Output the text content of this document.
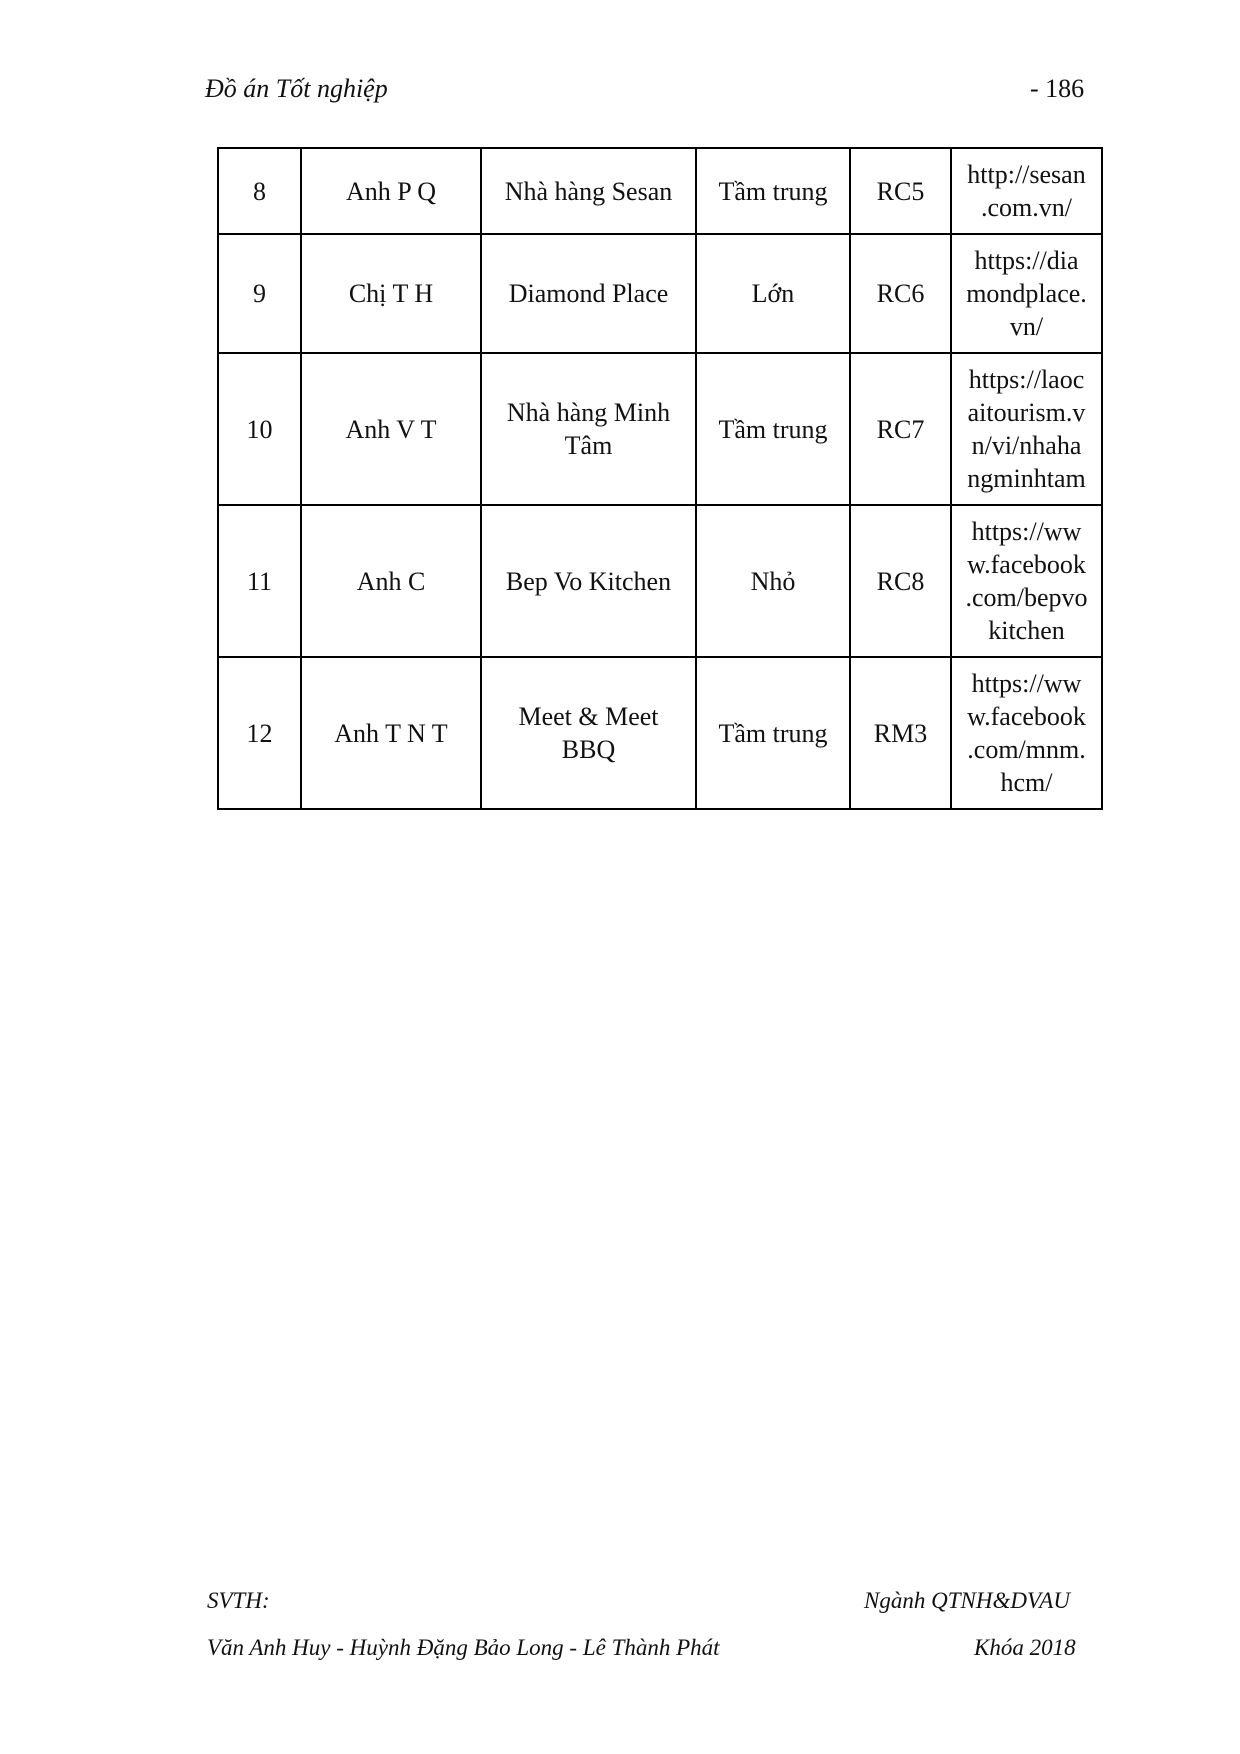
Đồ án Tốt nghiệp	- 186
8	Anh P Q	Nhà hàng Sesan	Tầm trung	RC5	http://sesan
.com.vn/

9	Chị T H	Diamond Place	Lớn	RC6	https://dia
mondplace.
vn/

10	Anh V T	Nhà hàng Minh Tâm	Tầm trung	RC7	https://laoc
aitourism.v
n/vi/nhaha
ngminhtam

11	Anh C	Bep Vo Kitchen	Nhỏ	RC8	https://ww
w.facebook
.com/bepvo
kitchen

12	Anh T N T	Meet & Meet BBQ	Tầm trung	RM3	https://ww
w.facebook
.com/mnm.
hcm/
SVTH:	Ngành QTNH&DVAU
Văn Anh Huy - Huỳnh Đặng Bảo Long - Lê Thành Phát	Khóa 2018
